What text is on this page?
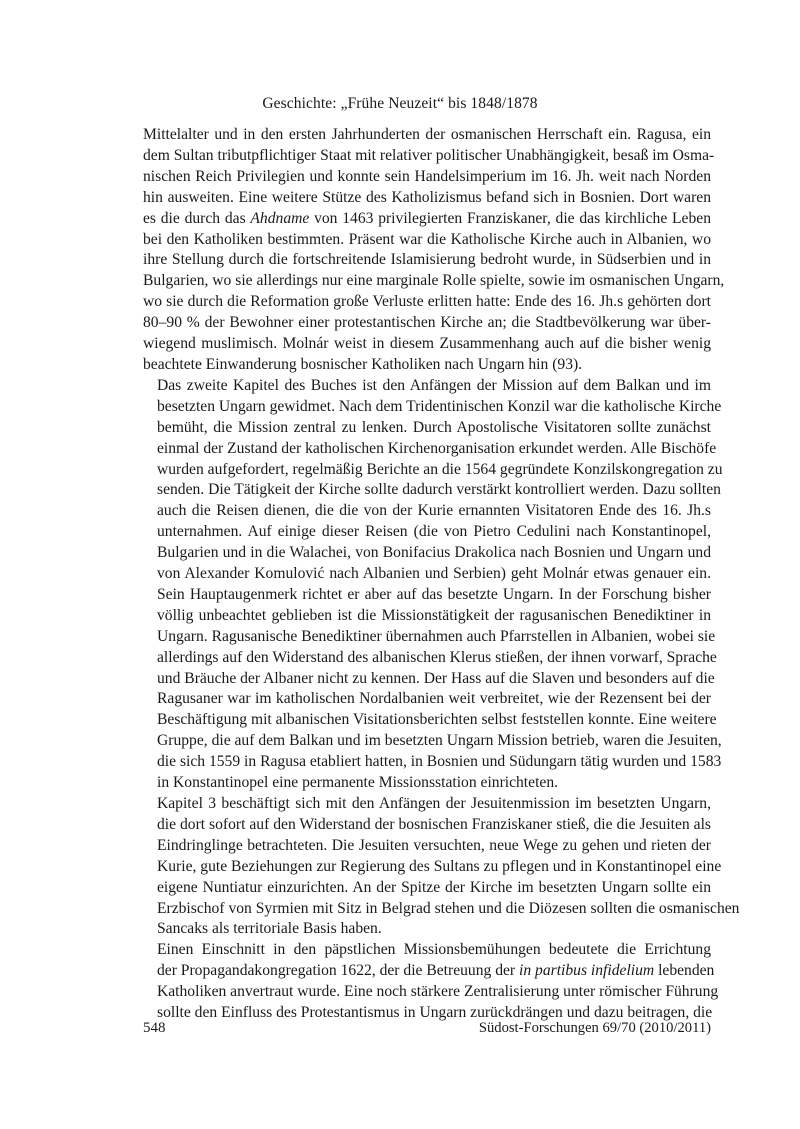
Geschichte: „Frühe Neuzeit“ bis 1848/1878

Mittelalter und in den ersten Jahrhunderten der osmanischen Herrschaft ein. Ragusa, ein
dem Sultan tributpflichtiger Staat mit relativer politischer Unabhängigkeit, besaß im Osma-
nischen Reich Privilegien und konnte sein Handelsimperium im 16. Jh. weit nach Norden
hin ausweiten. Eine weitere Stütze des Katholizismus befand sich in Bosnien. Dort waren
es die durch das Ahdname von 1463 privilegierten Franziskaner, die das kirchliche Leben
bei den Katholiken bestimmten. Präsent war die Katholische Kirche auch in Albanien, wo
ihre Stellung durch die fortschreitende Islamisierung bedroht wurde, in Südserbien und in
Bulgarien, wo sie allerdings nur eine marginale Rolle spielte, sowie im osmanischen Ungarn,
wo sie durch die Reformation große Verluste erlitten hatte: Ende des 16. Jh.s gehörten dort
80–90 % der Bewohner einer protestantischen Kirche an; die Stadtbevölkerung war über-
wiegend muslimisch. Molnár weist in diesem Zusammenhang auch auf die bisher wenig
beachtete Einwanderung bosnischer Katholiken nach Ungarn hin (93).

Das zweite Kapitel des Buches ist den Anfängen der Mission auf dem Balkan und im
besetzten Ungarn gewidmet. Nach dem Tridentinischen Konzil war die katholische Kirche
bemüht, die Mission zentral zu lenken. Durch Apostolische Visitatoren sollte zunächst
einmal der Zustand der katholischen Kirchenorganisation erkundet werden. Alle Bischöfe
wurden aufgefordert, regelmäßig Berichte an die 1564 gegründete Konzilskongregation zu
senden. Die Tätigkeit der Kirche sollte dadurch verstärkt kontrolliert werden. Dazu sollten
auch die Reisen dienen, die die von der Kurie ernannten Visitatoren Ende des 16. Jh.s
unternahmen. Auf einige dieser Reisen (die von Pietro Cedulini nach Konstantinopel,
Bulgarien und in die Walachei, von Bonifacius Drakolica nach Bosnien und Ungarn und
von Alexander Komulović nach Albanien und Serbien) geht Molnár etwas genauer ein.
Sein Hauptaugenmerk richtet er aber auf das besetzte Ungarn. In der Forschung bisher
völlig unbeachtet geblieben ist die Missionstätigkeit der ragusanischen Benediktiner in
Ungarn. Ragusanische Benediktiner übernahmen auch Pfarrstellen in Albanien, wobei sie
allerdings auf den Widerstand des albanischen Klerus stießen, der ihnen vorwarf, Sprache
und Bräuche der Albaner nicht zu kennen. Der Hass auf die Slaven und besonders auf die
Ragusaner war im katholischen Nordalbanien weit verbreitet, wie der Rezensent bei der
Beschäftigung mit albanischen Visitationsberichten selbst feststellen konnte. Eine weitere
Gruppe, die auf dem Balkan und im besetzten Ungarn Mission betrieb, waren die Jesuiten,
die sich 1559 in Ragusa etabliert hatten, in Bosnien und Südungarn tätig wurden und 1583
in Konstantinopel eine permanente Missionsstation einrichteten.

Kapitel 3 beschäftigt sich mit den Anfängen der Jesuitenmission im besetzten Ungarn,
die dort sofort auf den Widerstand der bosnischen Franziskaner stieß, die die Jesuiten als
Eindringlinge betrachteten. Die Jesuiten versuchten, neue Wege zu gehen und rieten der
Kurie, gute Beziehungen zur Regierung des Sultans zu pflegen und in Konstantinopel eine
eigene Nuntiatur einzurichten. An der Spitze der Kirche im besetzten Ungarn sollte ein
Erzbischof von Syrmien mit Sitz in Belgrad stehen und die Diözesen sollten die osmanischen
Sancaks als territoriale Basis haben.

Einen Einschnitt in den päpstlichen Missionsbemühungen bedeutete die Errichtung
der Propagandakongregation 1622, der die Betreuung der in partibus infidelium lebenden
Katholiken anvertraut wurde. Eine noch stärkere Zentralisierung unter römischer Führung
sollte den Einfluss des Protestantismus in Ungarn zurückdrängen und dazu beitragen, die

548	Südost-Forschungen 69/70 (2010/2011)
